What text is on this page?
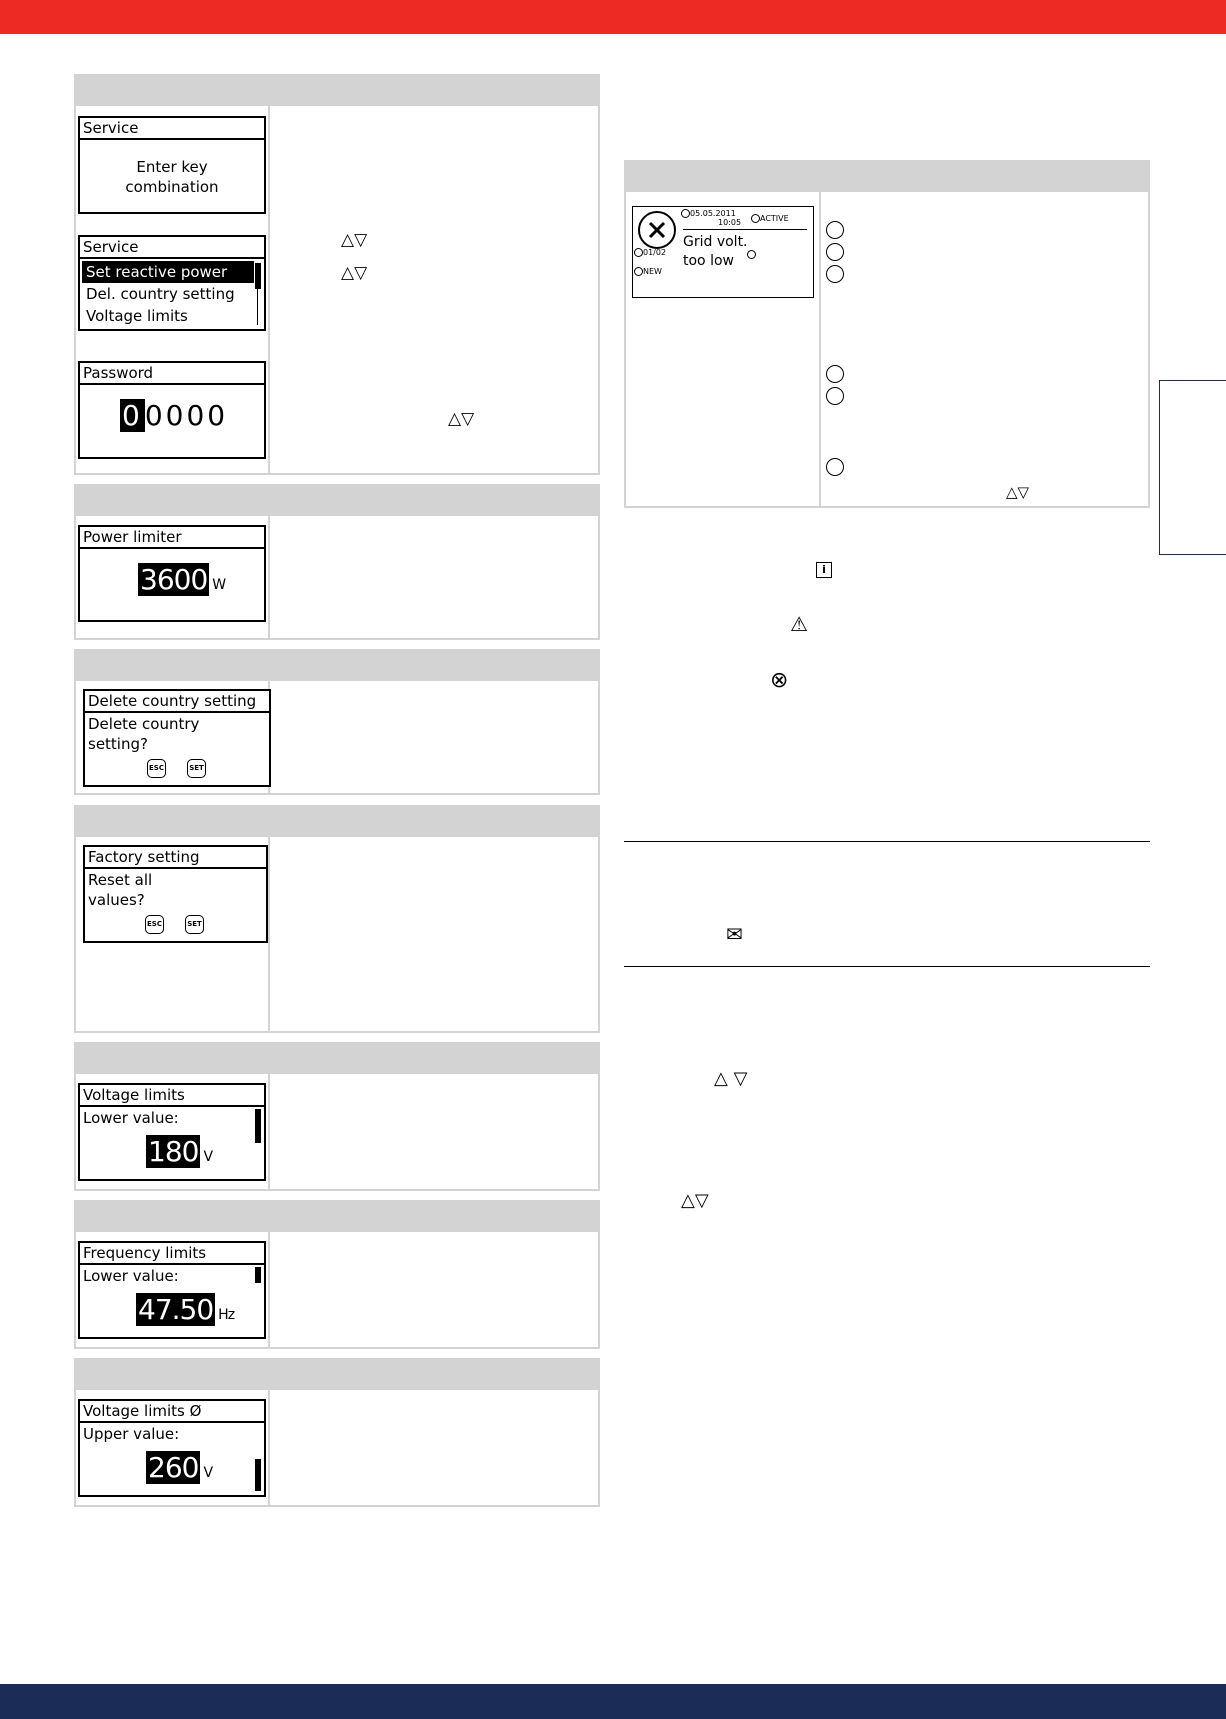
Service
Enter key
combination
Service
Set reactive power
Del. country setting
Voltage limits
Password
00000
△▽
△▽
△▽
Power limiter
3600 W
Delete country setting
Delete country
setting?
ESC	SET
Factory setting
Reset all
values?
ESC	SET
Voltage limits
Lower value:
180 V
Frequency limits
Lower value:
47.50 Hz
Voltage limits Ø
Upper value:
260 V
05.05.2011
10:05	ACTIVE
Grid volt.
too low
01/02
NEW
△▽
i
⚠
⊗
✉
△ ▽
△▽
